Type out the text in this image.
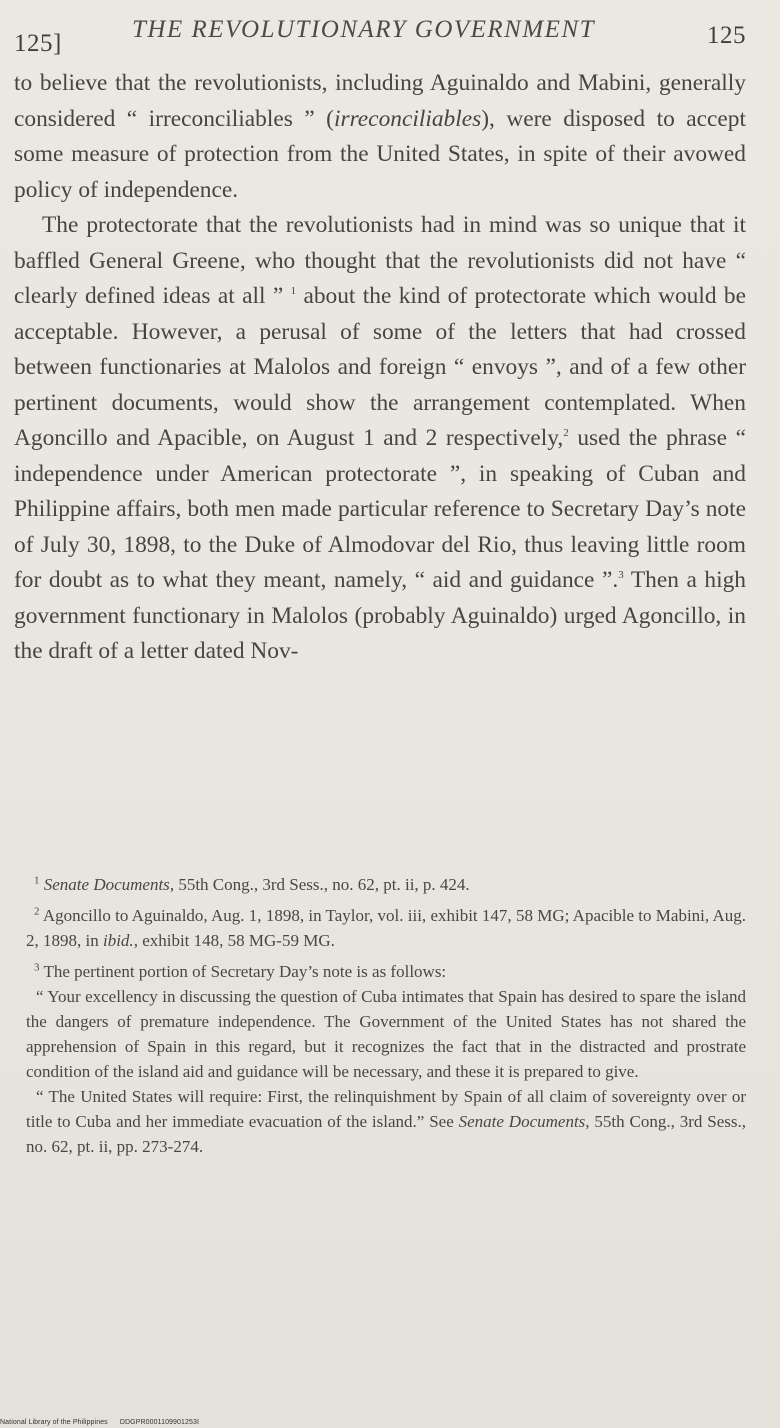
125]
THE REVOLUTIONARY GOVERNMENT	125

to believe that the revolutionists, including Aguinaldo and Mabini, generally considered “ irreconciliables ” (irreconciliables), were disposed to accept some measure of protection from the United States, in spite of their avowed policy of independence.

The protectorate that the revolutionists had in mind was so unique that it baffled General Greene, who thought that the revolutionists did not have “ clearly defined ideas at all ” $^1$ about the kind of protectorate which would be acceptable. However, a perusal of some of the letters that had crossed between functionaries at Malolos and foreign “ envoys ”, and of a few other pertinent documents, would show the arrangement contemplated. When Agoncillo and Apacible, on August 1 and 2 respectively,$^2$ used the phrase “ independence under American protectorate ”, in speaking of Cuban and Philippine affairs, both men made particular reference to Secretary Day’s note of July 30, 1898, to the Duke of Almodovar del Rio, thus leaving little room for doubt as to what they meant, namely, “ aid and guidance ”.$^3$ Then a high government functionary in Malolos (probably Aguinaldo) urged Agoncillo, in the draft of a letter dated Nov-

$^1$ Senate Documents, 55th Cong., 3rd Sess., no. 62, pt. ii, p. 424.

$^2$ Agoncillo to Aguinaldo, Aug. 1, 1898, in Taylor, vol. iii, exhibit 147, 58 MG; Apacible to Mabini, Aug. 2, 1898, in ibid., exhibit 148, 58 MG-59 MG.

$^3$ The pertinent portion of Secretary Day’s note is as follows:

“ Your excellency in discussing the question of Cuba intimates that Spain has desired to spare the island the dangers of premature independence. The Government of the United States has not shared the apprehension of Spain in this regard, but it recognizes the fact that in the distracted and prostrate condition of the island aid and guidance will be necessary, and these it is prepared to give.

“ The United States will require: First, the relinquishment by Spain of all claim of sovereignty over or title to Cuba and her immediate evacuation of the island.” See Senate Documents, 55th Cong., 3rd Sess., no. 62, pt. ii, pp. 273-274.

National Library of the Philippines DDGPR0001109901253I
